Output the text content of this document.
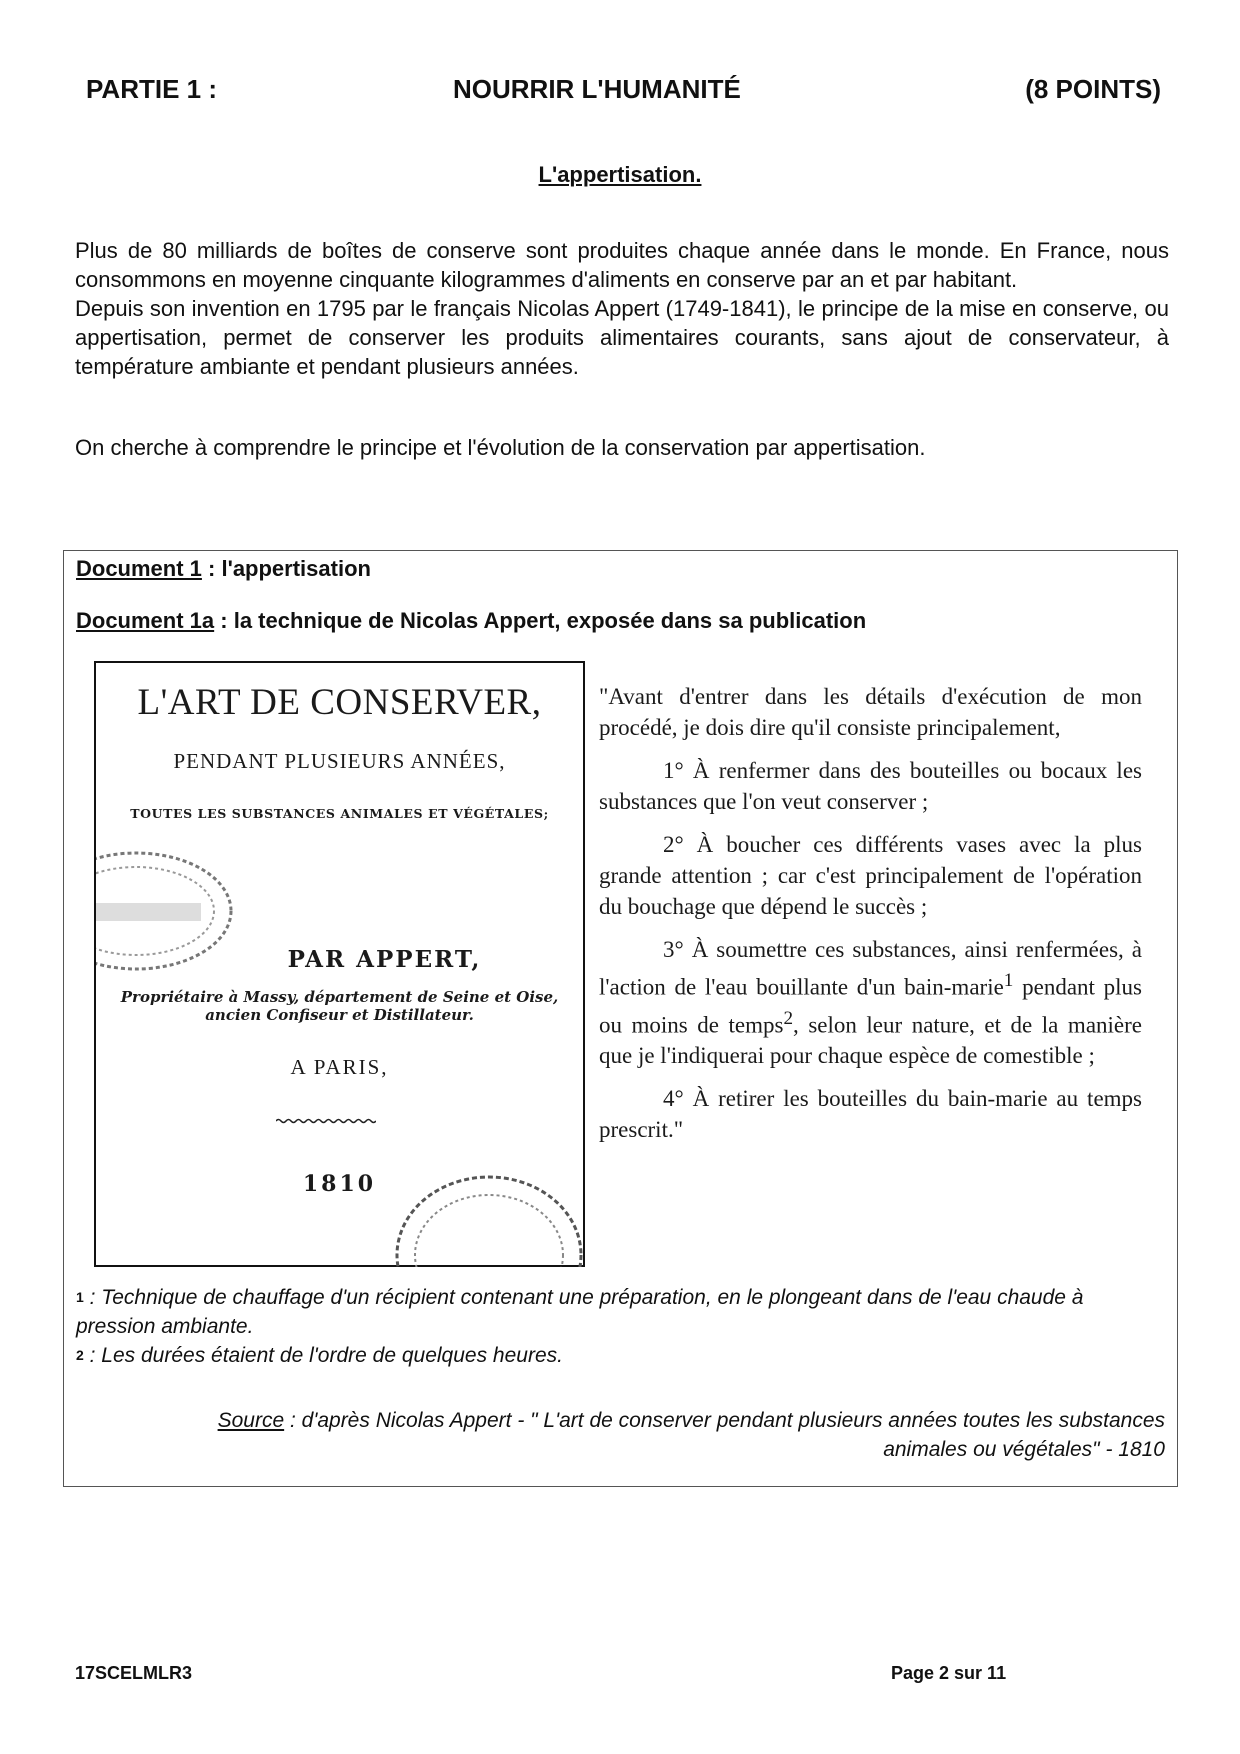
PARTIE 1 :	NOURRIR L'HUMANITÉ	(8 POINTS)
L'appertisation.

Plus de 80 milliards de boîtes de conserve sont produites chaque année dans le monde. En France, nous consommons en moyenne cinquante kilogrammes d'aliments en conserve par an et par habitant.

Depuis son invention en 1795 par le français Nicolas Appert (1749-1841), le principe de la mise en conserve, ou appertisation, permet de conserver les produits alimentaires courants, sans ajout de conservateur, à température ambiante et pendant plusieurs années.

On cherche à comprendre le principe et l'évolution de la conservation par appertisation.

Document 1 : l'appertisation
Document 1a : la technique de Nicolas Appert, exposée dans sa publication
L'ART DE CONSERVER,
PENDANT PLUSIEURS ANNÉES,
TOUTES LES SUBSTANCES ANIMALES ET VÉGÉTALES;
PAR APPERT,
Propriétaire à Massy, département de Seine et Oise,
ancien Confiseur et Distillateur.
A PARIS,
1810

"Avant d'entrer dans les détails d'exécution de mon procédé, je dois dire qu'il consiste principalement,

1° À renfermer dans des bouteilles ou bocaux les substances que l'on veut conserver ;

2° À boucher ces différents vases avec la plus grande attention ; car c'est principalement de l'opération du bouchage que dépend le succès ;

3° À soumettre ces substances, ainsi renfermées, à l'action de l'eau bouillante d'un bain-marie$^1$ pendant plus ou moins de temps$^2$, selon leur nature, et de la manière que je l'indiquerai pour chaque espèce de comestible ;

4° À retirer les bouteilles du bain-marie au temps prescrit."

$^1$ : Technique de chauffage d'un récipient contenant une préparation, en le plongeant dans de l'eau chaude à pression ambiante.

$^2$ : Les durées étaient de l'ordre de quelques heures.

Source : d'après Nicolas Appert - " L'art de conserver pendant plusieurs années toutes les substances animales ou végétales" - 1810
17SCELMLR3	Page 2 sur 11
